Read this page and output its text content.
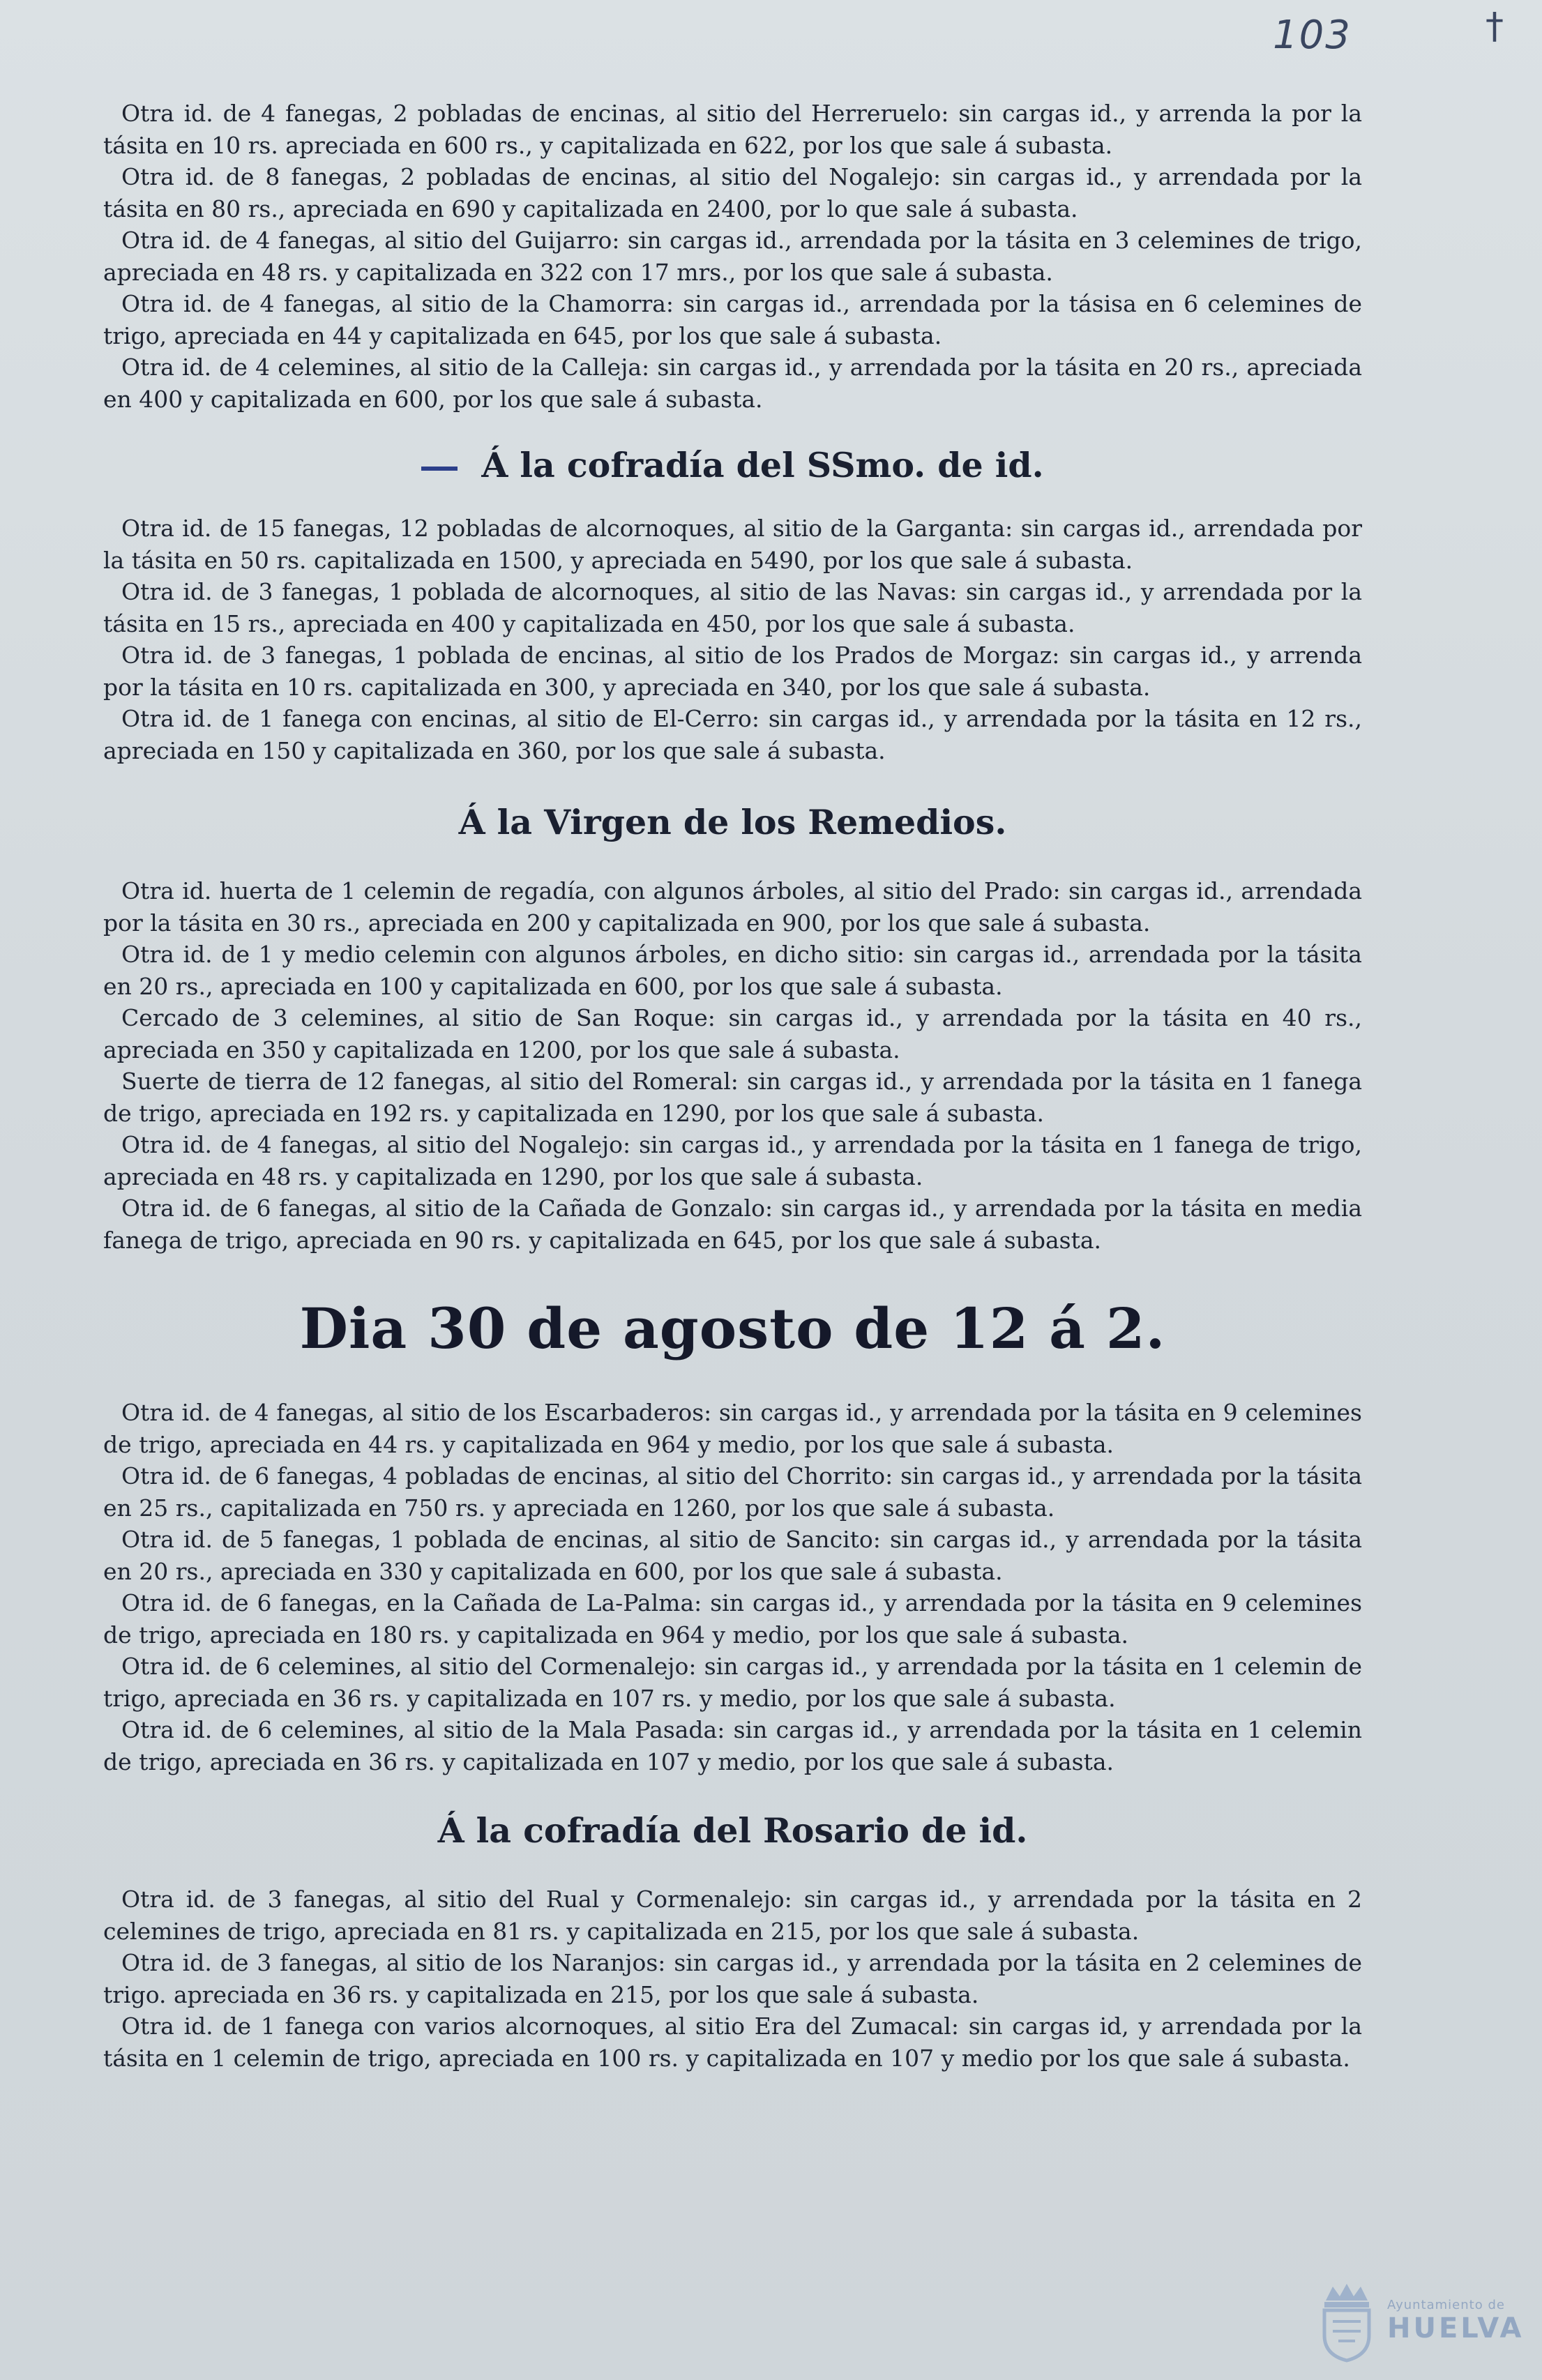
103	†

Otra id. de 4 fanegas, 2 pobladas de encinas, al sitio del Herreruelo: sin cargas id., y arrenda la por la tásita en 10 rs. apreciada en 600 rs., y capitalizada en 622, por los que sale á subasta.

Otra id. de 8 fanegas, 2 pobladas de encinas, al sitio del Nogalejo: sin cargas id., y arrendada por la tásita en 80 rs., apreciada en 690 y capitalizada en 2400, por lo que sale á subasta.

Otra id. de 4 fanegas, al sitio del Guijarro: sin cargas id., arrendada por la tásita en 3 celemines de trigo, apreciada en 48 rs. y capitalizada en 322 con 17 mrs., por los que sale á subasta.

Otra id. de 4 fanegas, al sitio de la Chamorra: sin cargas id., arrendada por la tásisa en 6 celemines de trigo, apreciada en 44 y capitalizada en 645, por los que sale á subasta.

Otra id. de 4 celemines, al sitio de la Calleja: sin cargas id., y arrendada por la tásita en 20 rs., apreciada en 400 y capitalizada en 600, por los que sale á subasta.

Á la cofradía del SSmo. de id.

Otra id. de 15 fanegas, 12 pobladas de alcornoques, al sitio de la Garganta: sin cargas id., arrendada por la tásita en 50 rs. capitalizada en 1500, y apreciada en 5490, por los que sale á subasta.

Otra id. de 3 fanegas, 1 poblada de alcornoques, al sitio de las Navas: sin cargas id., y arrendada por la tásita en 15 rs., apreciada en 400 y capitalizada en 450, por los que sale á subasta.

Otra id. de 3 fanegas, 1 poblada de encinas, al sitio de los Prados de Morgaz: sin cargas id., y arrenda por la tásita en 10 rs. capitalizada en 300, y apreciada en 340, por los que sale á subasta.

Otra id. de 1 fanega con encinas, al sitio de El-Cerro: sin cargas id., y arrendada por la tásita en 12 rs., apreciada en 150 y capitalizada en 360, por los que sale á subasta.

Á la Virgen de los Remedios.

Otra id. huerta de 1 celemin de regadía, con algunos árboles, al sitio del Prado: sin cargas id., arrendada por la tásita en 30 rs., apreciada en 200 y capitalizada en 900, por los que sale á subasta.

Otra id. de 1 y medio celemin con algunos árboles, en dicho sitio: sin cargas id., arrendada por la tásita en 20 rs., apreciada en 100 y capitalizada en 600, por los que sale á subasta.

Cercado de 3 celemines, al sitio de San Roque: sin cargas id., y arrendada por la tásita en 40 rs., apreciada en 350 y capitalizada en 1200, por los que sale á subasta.

Suerte de tierra de 12 fanegas, al sitio del Romeral: sin cargas id., y arrendada por la tásita en 1 fanega de trigo, apreciada en 192 rs. y capitalizada en 1290, por los que sale á subasta.

Otra id. de 4 fanegas, al sitio del Nogalejo: sin cargas id., y arrendada por la tásita en 1 fanega de trigo, apreciada en 48 rs. y capitalizada en 1290, por los que sale á subasta.

Otra id. de 6 fanegas, al sitio de la Cañada de Gonzalo: sin cargas id., y arrendada por la tásita en media fanega de trigo, apreciada en 90 rs. y capitalizada en 645, por los que sale á subasta.

Dia 30 de agosto de 12 á 2.

Otra id. de 4 fanegas, al sitio de los Escarbaderos: sin cargas id., y arrendada por la tásita en 9 celemines de trigo, apreciada en 44 rs. y capitalizada en 964 y medio, por los que sale á subasta.

Otra id. de 6 fanegas, 4 pobladas de encinas, al sitio del Chorrito: sin cargas id., y arrendada por la tásita en 25 rs., capitalizada en 750 rs. y apreciada en 1260, por los que sale á subasta.

Otra id. de 5 fanegas, 1 poblada de encinas, al sitio de Sancito: sin cargas id., y arrendada por la tásita en 20 rs., apreciada en 330 y capitalizada en 600, por los que sale á subasta.

Otra id. de 6 fanegas, en la Cañada de La-Palma: sin cargas id., y arrendada por la tásita en 9 celemines de trigo, apreciada en 180 rs. y capitalizada en 964 y medio, por los que sale á subasta.

Otra id. de 6 celemines, al sitio del Cormenalejo: sin cargas id., y arrendada por la tásita en 1 celemin de trigo, apreciada en 36 rs. y capitalizada en 107 rs. y medio, por los que sale á subasta.

Otra id. de 6 celemines, al sitio de la Mala Pasada: sin cargas id., y arrendada por la tásita en 1 celemin de trigo, apreciada en 36 rs. y capitalizada en 107 y medio, por los que sale á subasta.

Á la cofradía del Rosario de id.

Otra id. de 3 fanegas, al sitio del Rual y Cormenalejo: sin cargas id., y arrendada por la tásita en 2 celemines de trigo, apreciada en 81 rs. y capitalizada en 215, por los que sale á subasta.

Otra id. de 3 fanegas, al sitio de los Naranjos: sin cargas id., y arrendada por la tásita en 2 celemines de trigo. apreciada en 36 rs. y capitalizada en 215, por los que sale á subasta.

Otra id. de 1 fanega con varios alcornoques, al sitio Era del Zumacal: sin cargas id, y arrendada por la tásita en 1 celemin de trigo, apreciada en 100 rs. y capitalizada en 107 y medio por los que sale á subasta.

Ayuntamiento de
HUELVA
